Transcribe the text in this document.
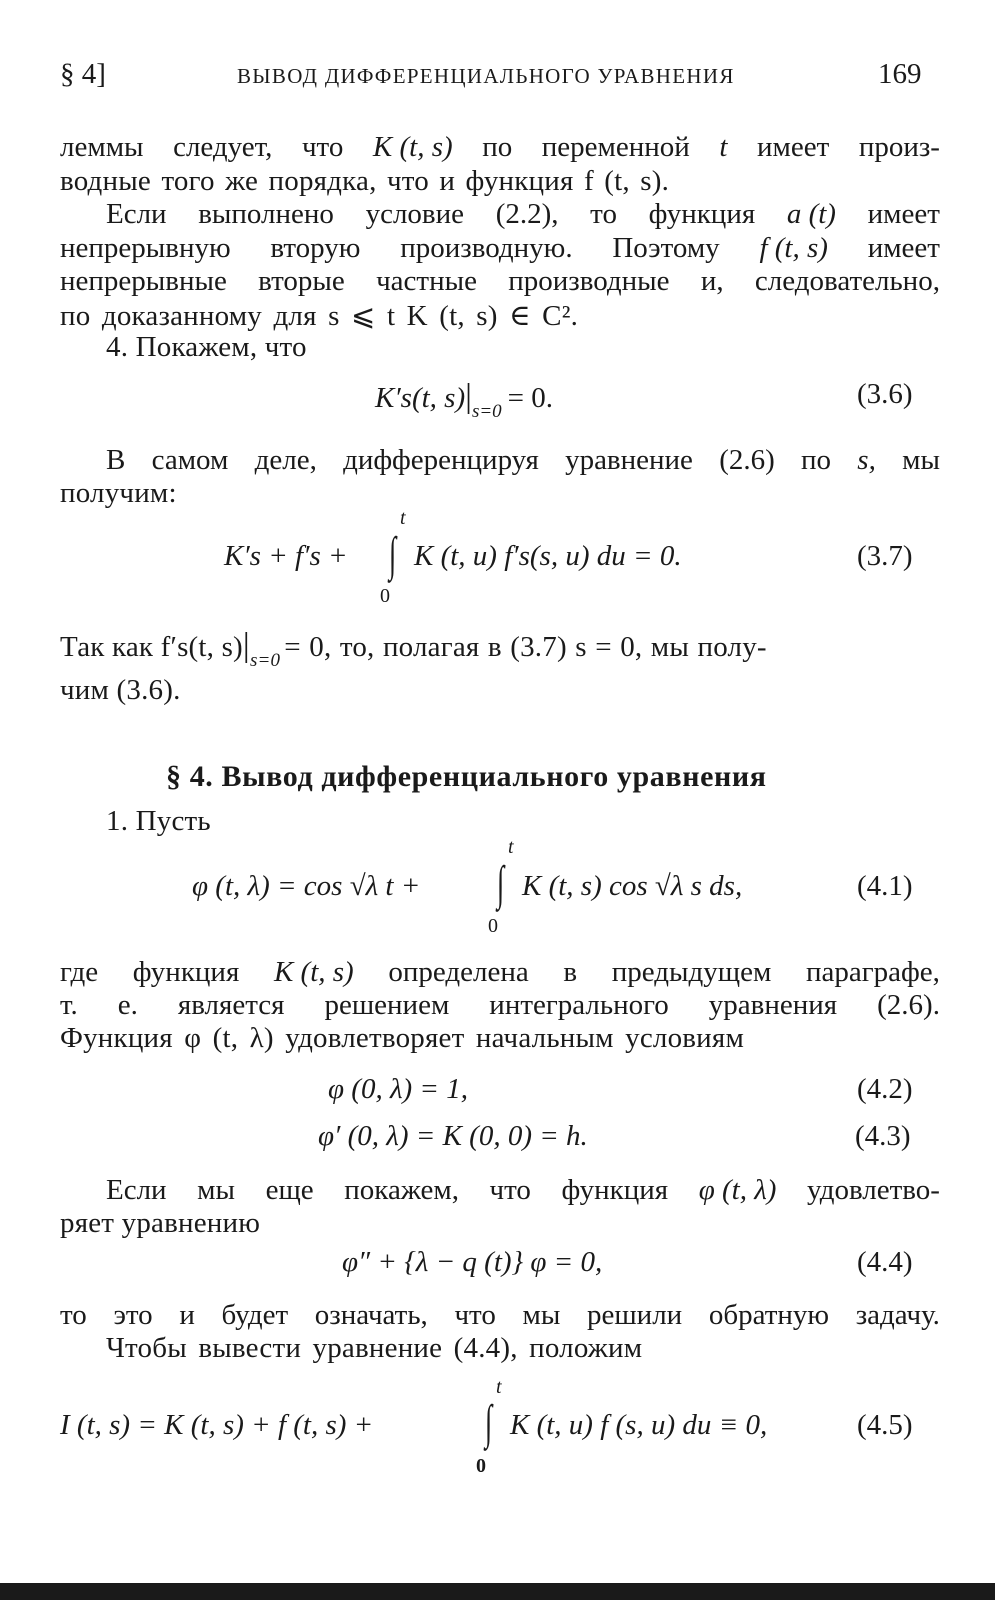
§ 4]	ВЫВОД ДИФФЕРЕНЦИАЛЬНОГО УРАВНЕНИЯ	169
леммы следует, что K (t, s) по переменной t имеет произ-
водные того же порядка, что и функция f (t, s).
Если выполнено условие (2.2), то функция a (t) имеет
непрерывную вторую производную. Поэтому f (t, s) имеет
непрерывные вторые частные производные и, следовательно,
по доказанному для s ⩽ t K (t, s) ∈ C².
4. Покажем, что
K′s(t, s)|s=0 = 0.	(3.6)
В самом деле, дифференцируя уравнение (2.6) по s, мы
получим:
K′s + f′s +
t
∫
0
K (t, u) f′s(s, u) du = 0.	(3.7)
Так как f′s(t, $s)|_{s=0} = 0$, то, полагая в (3.7) s = 0, мы полу-
чим (3.6).
§ 4. Вывод дифференциального уравнения
1. Пусть
φ (t, λ) = cos √λ t +
t
∫
0
K (t, s) cos √λ s ds,	(4.1)
где функция K (t, s) определена в предыдущем параграфе,
т. е. является решением интегрального уравнения (2.6).
Функция φ (t, λ) удовлетворяет начальным условиям
φ (0, λ) = 1,	(4.2)
φ′ (0, λ) = K (0, 0) = h.	(4.3)
Если мы еще покажем, что функция φ (t, λ) удовлетво-
ряет уравнению
φ″ + {λ − q (t)} φ = 0,	(4.4)
то это и будет означать, что мы решили обратную задачу.
Чтобы вывести уравнение (4.4), положим
I (t, s) = K (t, s) + f (t, s) +
t
∫
0
K (t, u) f (s, u) du ≡ 0,	(4.5)
